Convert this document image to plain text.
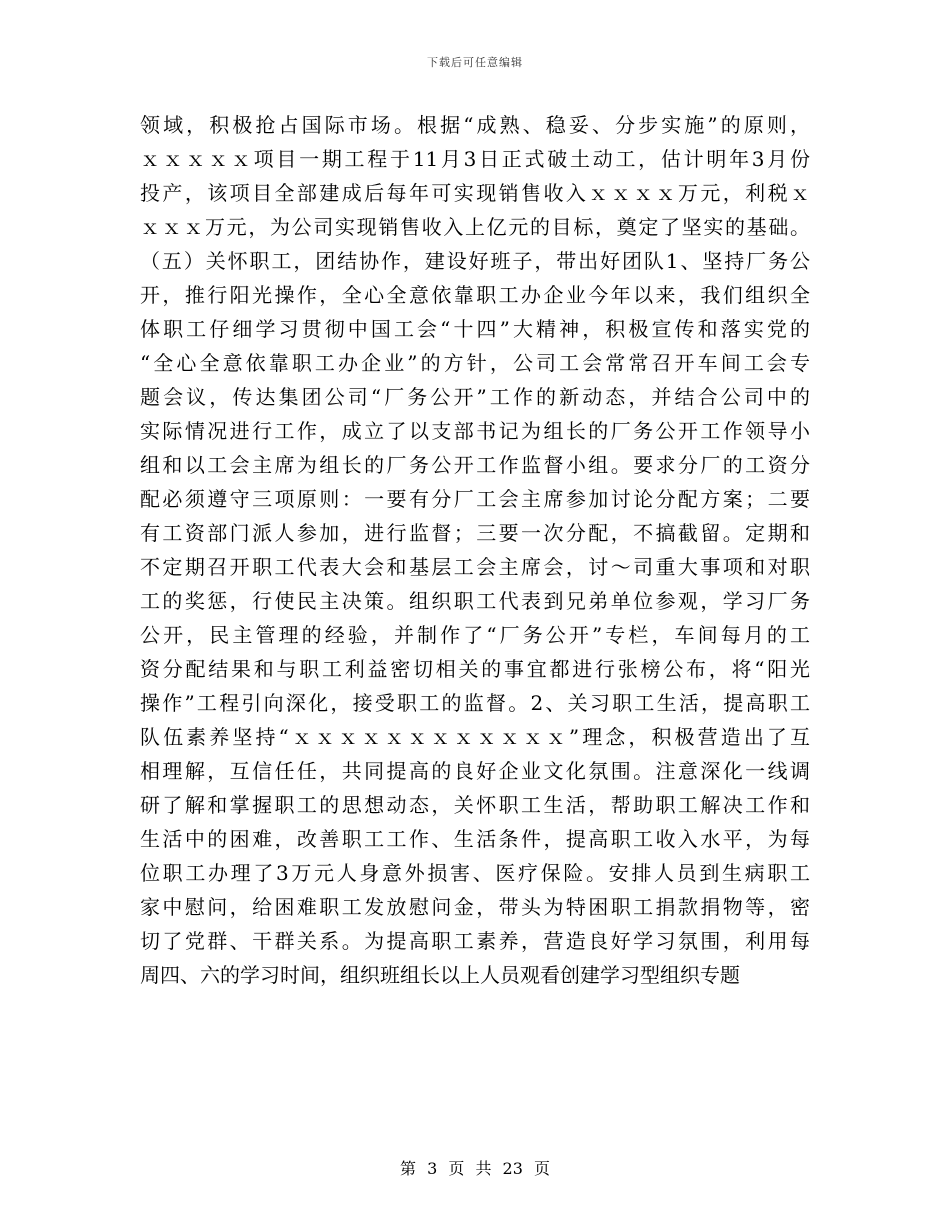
下载后可任意编辑
领域，积极抢占国际市场。根据“成熟、稳妥、分步实施”的原则，
ｘｘｘｘｘ项目一期工程于11月3日正式破土动工，估计明年3月份
投产，该项目全部建成后每年可实现销售收入ｘｘｘｘ万元，利税ｘ
ｘｘｘ万元，为公司实现销售收入上亿元的目标，奠定了坚实的基础。
（五）关怀职工，团结协作，建设好班子，带出好团队1、坚持厂务公
开，推行阳光操作，全心全意依靠职工办企业今年以来，我们组织全
体职工仔细学习贯彻中国工会“十四”大精神，积极宣传和落实党的
“全心全意依靠职工办企业”的方针，公司工会常常召开车间工会专
题会议，传达集团公司“厂务公开”工作的新动态，并结合公司中的
实际情况进行工作，成立了以支部书记为组长的厂务公开工作领导小
组和以工会主席为组长的厂务公开工作监督小组。要求分厂的工资分
配必须遵守三项原则：一要有分厂工会主席参加讨论分配方案；二要
有工资部门派人参加，进行监督；三要一次分配，不搞截留。定期和
不定期召开职工代表大会和基层工会主席会，讨～司重大事项和对职
工的奖惩，行使民主决策。组织职工代表到兄弟单位参观，学习厂务
公开，民主管理的经验，并制作了“厂务公开”专栏，车间每月的工
资分配结果和与职工利益密切相关的事宜都进行张榜公布，将“阳光
操作”工程引向深化，接受职工的监督。2、关习职工生活，提高职工
队伍素养坚持“ｘｘｘｘｘｘｘｘｘｘｘｘ”理念，积极营造出了互
相理解，互信任任，共同提高的良好企业文化氛围。注意深化一线调
研了解和掌握职工的思想动态，关怀职工生活，帮助职工解决工作和
生活中的困难，改善职工工作、生活条件，提高职工收入水平，为每
位职工办理了3万元人身意外损害、医疗保险。安排人员到生病职工
家中慰问，给困难职工发放慰问金，带头为特困职工捐款捐物等，密
切了党群、干群关系。为提高职工素养，营造良好学习氛围，利用每
周四、六的学习时间，组织班组长以上人员观看创建学习型组织专题
第 3 页 共 23 页
